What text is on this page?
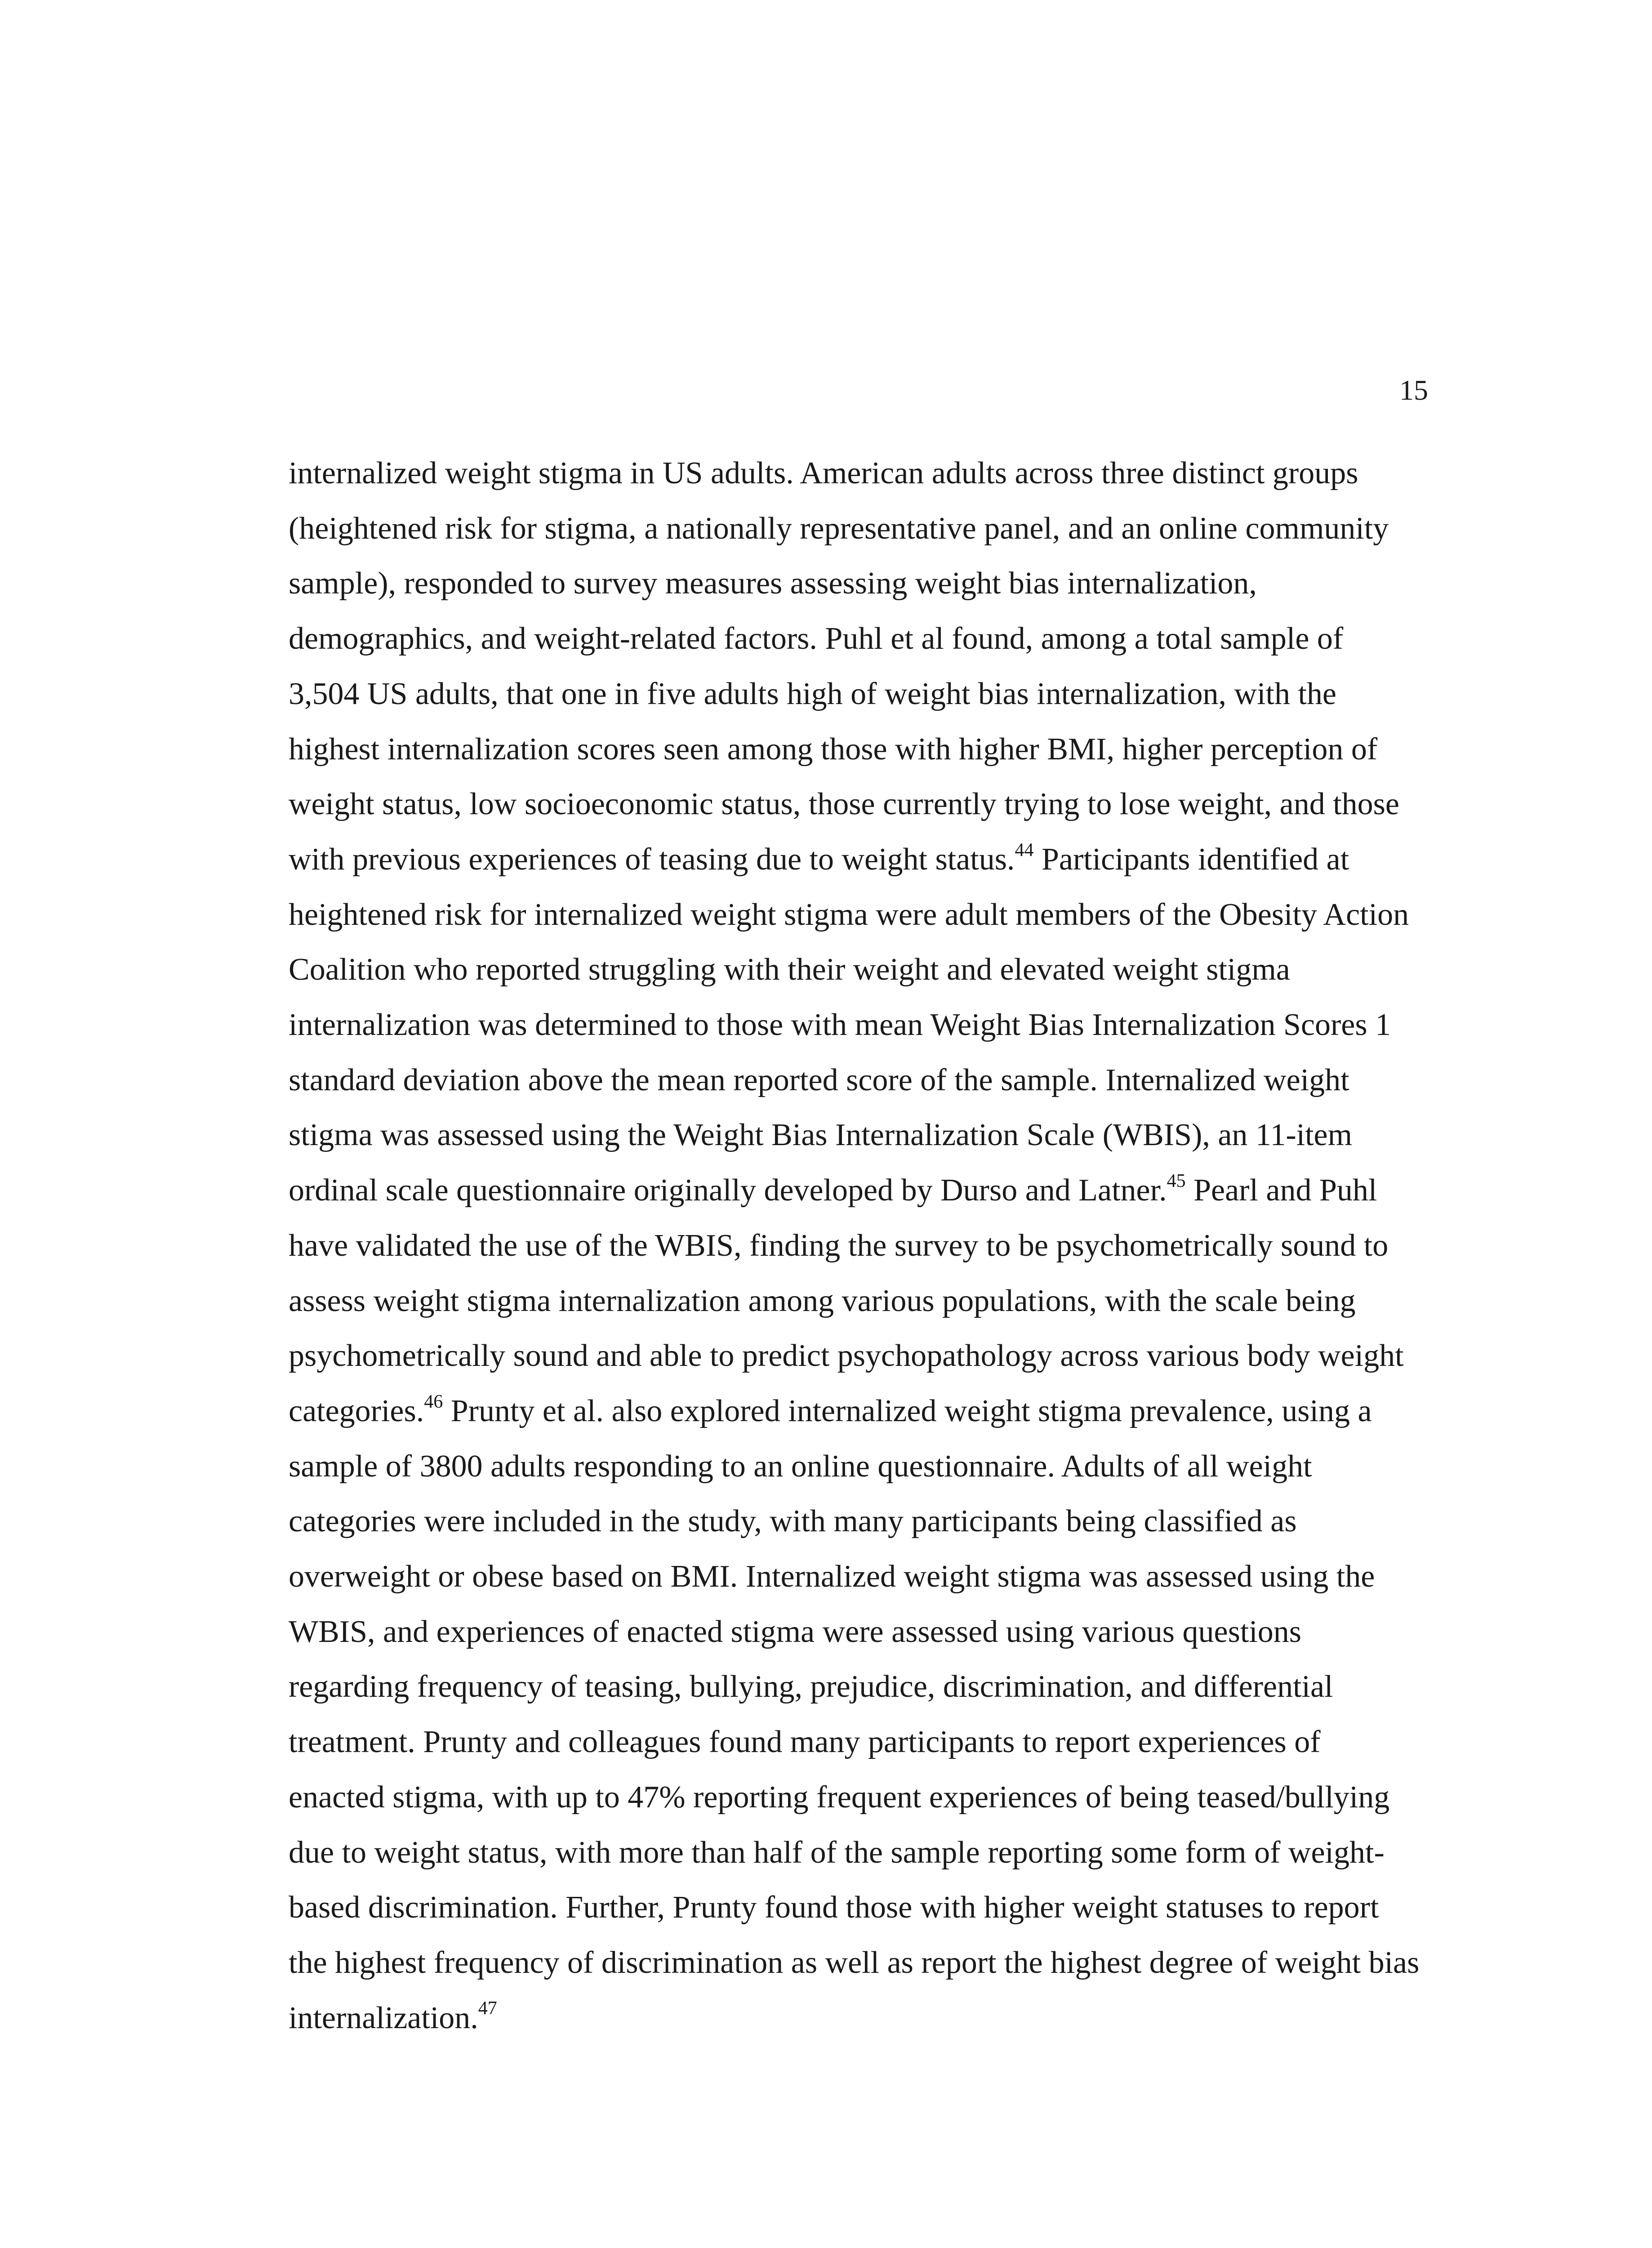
15
internalized weight stigma in US adults. American adults across three distinct groups
(heightened risk for stigma, a nationally representative panel, and an online community
sample), responded to survey measures assessing weight bias internalization,
demographics, and weight-related factors. Puhl et al found, among a total sample of
3,504 US adults, that one in five adults high of weight bias internalization, with the
highest internalization scores seen among those with higher BMI, higher perception of
weight status, low socioeconomic status, those currently trying to lose weight, and those
with previous experiences of teasing due to weight status.$^{44}$ Participants identified at
heightened risk for internalized weight stigma were adult members of the Obesity Action
Coalition who reported struggling with their weight and elevated weight stigma
internalization was determined to those with mean Weight Bias Internalization Scores 1
standard deviation above the mean reported score of the sample. Internalized weight
stigma was assessed using the Weight Bias Internalization Scale (WBIS), an 11-item
ordinal scale questionnaire originally developed by Durso and Latner.$^{45}$ Pearl and Puhl
have validated the use of the WBIS, finding the survey to be psychometrically sound to
assess weight stigma internalization among various populations, with the scale being
psychometrically sound and able to predict psychopathology across various body weight
categories.$^{46}$ Prunty et al. also explored internalized weight stigma prevalence, using a
sample of 3800 adults responding to an online questionnaire. Adults of all weight
categories were included in the study, with many participants being classified as
overweight or obese based on BMI. Internalized weight stigma was assessed using the
WBIS, and experiences of enacted stigma were assessed using various questions
regarding frequency of teasing, bullying, prejudice, discrimination, and differential
treatment. Prunty and colleagues found many participants to report experiences of
enacted stigma, with up to 47% reporting frequent experiences of being teased/bullying
due to weight status, with more than half of the sample reporting some form of weight-
based discrimination. Further, Prunty found those with higher weight statuses to report
the highest frequency of discrimination as well as report the highest degree of weight bias
internalization.$^{47}$
